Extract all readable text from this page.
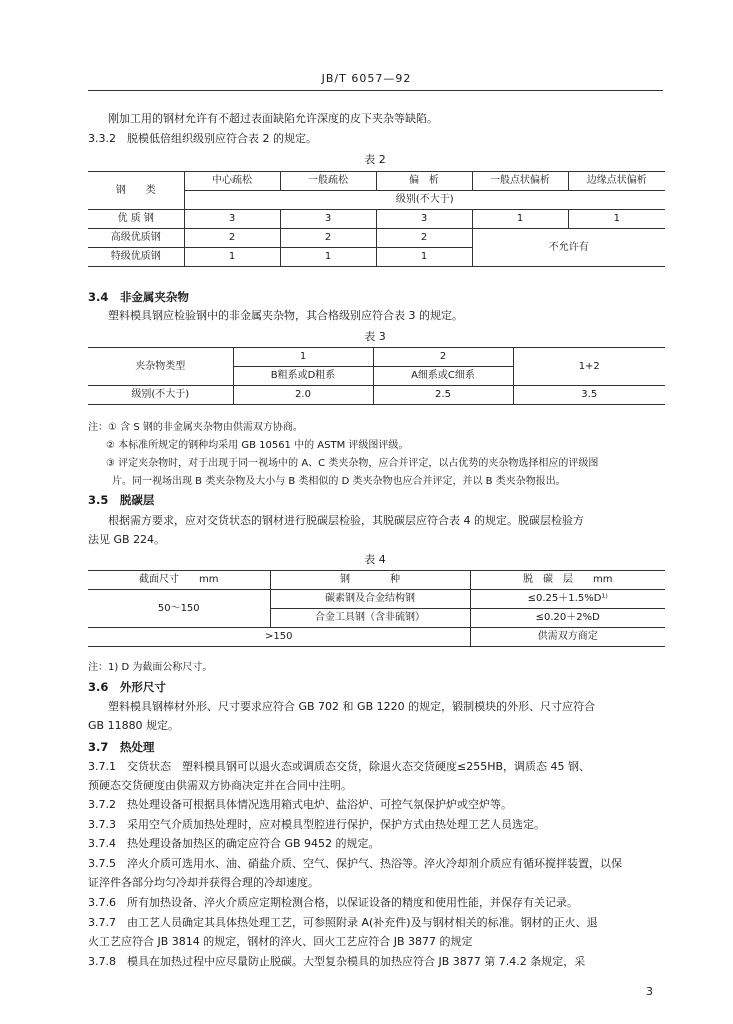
JB/T 6057—92
刚加工用的钢材允许有不超过表面缺陷允许深度的皮下夹杂等缺陷。
3.3.2　脱模低倍组织级别应符合表 2 的规定。
表 2
钢　　类	中心疏松	一般疏松	偏　析	一般点状偏析	边缘点状偏析
	级别(不大于)				
优 质 钢	3	3	3	1	1
高级优质钢	2	2	2	不允许有	
特级优质钢	1	1	1		
3.4　非金属夹杂物
塑料模具钢应检验钢中的非金属夹杂物，其合格级别应符合表 3 的规定。
表 3
夹杂物类型	1	2	1+2
	B粗系或D粗系	A细系或C细系	
级别(不大于)	2.0	2.5	3.5
注：① 含 S 钢的非金属夹杂物由供需双方协商。
② 本标准所规定的钢种均采用 GB 10561 中的 ASTM 评级图评级。
③ 评定夹杂物时，对于出现于同一视场中的 A、C 类夹杂物，应合并评定，以占优势的夹杂物选择相应的评级图
片。同一视场出现 B 类夹杂物及大小与 B 类相似的 D 类夹杂物也应合并评定，并以 B 类夹杂物报出。
3.5　脱碳层
根据需方要求，应对交货状态的钢材进行脱碳层检验，其脱碳层应符合表 4 的规定。脱碳层检验方
法见 GB 224。
表 4
截面尺寸　　mm	钢　　　　种	脱　碳　层　　mm
50～150	碳素钢及合金结构钢	≤0.25＋1.5%D¹⁾
	合金工具钢（含非硫钢）	≤0.20＋2%D
>150		供需双方商定
注：1) D 为截面公称尺寸。
3.6　外形尺寸
塑料模具钢棒材外形、尺寸要求应符合 GB 702 和 GB 1220 的规定，锻制模块的外形、尺寸应符合
GB 11880 规定。
3.7　热处理
3.7.1　交货状态　塑料模具钢可以退火态或调质态交货，除退火态交货硬度≤255HB，调质态 45 钢、
预硬态交货硬度由供需双方协商决定并在合同中注明。
3.7.2　热处理设备可根据具体情况选用箱式电炉、盐浴炉、可控气氛保护炉或空炉等。
3.7.3　采用空气介质加热处理时，应对模具型腔进行保护，保护方式由热处理工艺人员选定。
3.7.4　热处理设备加热区的确定应符合 GB 9452 的规定。
3.7.5　淬火介质可选用水、油、硝盐介质、空气、保护气、热浴等。淬火冷却剂介质应有循环搅拌装置，以保
证淬件各部分均匀冷却并获得合理的冷却速度。
3.7.6　所有加热设备、淬火介质应定期检测合格，以保证设备的精度和使用性能，并保存有关记录。
3.7.7　由工艺人员确定其具体热处理工艺，可参照附录 A(补充件)及与钢材相关的标准。钢材的正火、退
火工艺应符合 JB 3814 的规定，钢材的淬火、回火工艺应符合 JB 3877 的规定
3.7.8　模具在加热过程中应尽量防止脱碳。大型复杂模具的加热应符合 JB 3877 第 7.4.2 条规定，采
3
